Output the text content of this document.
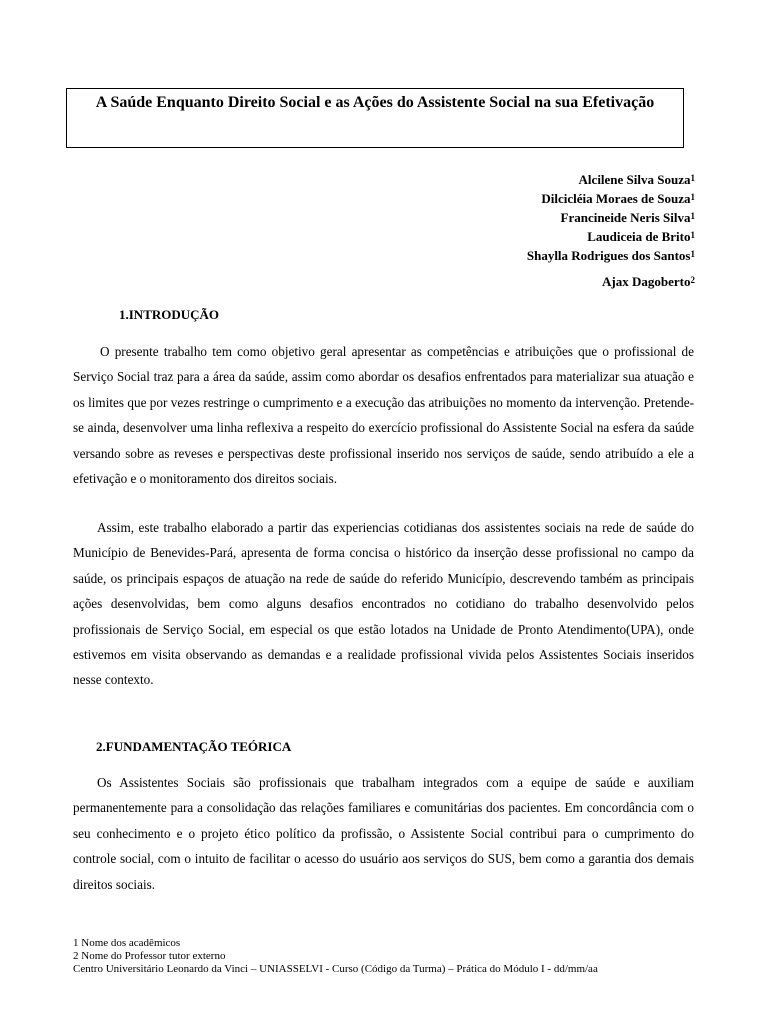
A Saúde Enquanto Direito Social e as Ações do Assistente Social na sua Efetivação
Alcilene Silva Souza$^1$
Dilcicléia Moraes de Souza$^1$
Francineide Neris Silva$^1$
Laudiceia de Brito$^1$
Shaylla Rodrigues dos Santos$^1$
Ajax Dagoberto$^2$
1.INTRODUÇÃO

O presente trabalho tem como objetivo geral apresentar as competências e atribuições que o profissional de Serviço Social traz para a área da saúde, assim como abordar os desafios enfrentados para materializar sua atuação e os limites que por vezes restringe o cumprimento e a execução das atribuições no momento da intervenção. Pretende-se ainda, desenvolver uma linha reflexiva a respeito do exercício profissional do Assistente Social na esfera da saúde versando sobre as reveses e perspectivas deste profissional inserido nos serviços de saúde, sendo atribuído a ele a efetivação e o monitoramento dos direitos sociais.

Assim, este trabalho elaborado a partir das experiencias cotidianas dos assistentes sociais na rede de saúde do Município de Benevides-Pará, apresenta de forma concisa o histórico da inserção desse profissional no campo da saúde, os principais espaços de atuação na rede de saúde do referido Município, descrevendo também as principais ações desenvolvidas, bem como alguns desafios encontrados no cotidiano do trabalho desenvolvido pelos profissionais de Serviço Social, em especial os que estão lotados na Unidade de Pronto Atendimento(UPA), onde estivemos em visita observando as demandas e a realidade profissional vivida pelos Assistentes Sociais inseridos nesse contexto.

2.FUNDAMENTAÇÃO TEÓRICA

Os Assistentes Sociais são profissionais que trabalham integrados com a equipe de saúde e auxiliam permanentemente para a consolidação das relações familiares e comunitárias dos pacientes. Em concordância com o seu conhecimento e o projeto ético político da profissão, o Assistente Social contribui para o cumprimento do controle social, com o intuito de facilitar o acesso do usuário aos serviços do SUS, bem como a garantia dos demais direitos sociais.

1 Nome dos acadêmicos
2 Nome do Professor tutor externo
Centro Universitário Leonardo da Vinci – UNIASSELVI - Curso (Código da Turma) – Prática do Módulo I - dd/mm/aa
